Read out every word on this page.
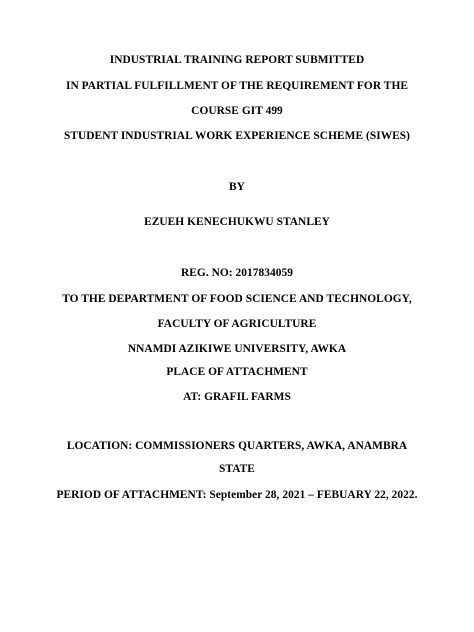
INDUSTRIAL TRAINING REPORT SUBMITTED
IN PARTIAL FULFILLMENT OF THE REQUIREMENT FOR THE
COURSE GIT 499
STUDENT INDUSTRIAL WORK EXPERIENCE SCHEME (SIWES)
BY
EZUEH KENECHUKWU STANLEY
REG. NO: 2017834059
TO THE DEPARTMENT OF FOOD SCIENCE AND TECHNOLOGY,
FACULTY OF AGRICULTURE
NNAMDI AZIKIWE UNIVERSITY, AWKA
PLACE OF ATTACHMENT
AT: GRAFIL FARMS
LOCATION: COMMISSIONERS QUARTERS, AWKA, ANAMBRA
STATE
PERIOD OF ATTACHMENT: September 28, 2021 – FEBUARY 22, 2022.
